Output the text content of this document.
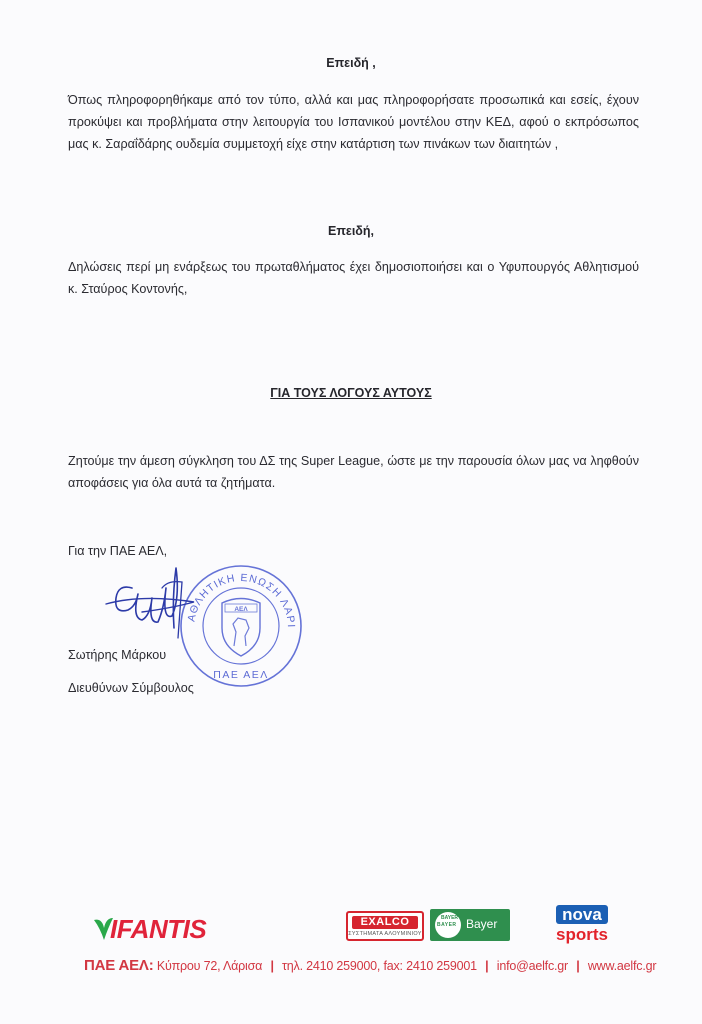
Επειδή ,
Όπως πληροφορηθήκαμε από τον τύπο, αλλά και μας πληροφορήσατε προσωπικά και εσείς, έχουν προκύψει και προβλήματα στην λειτουργία του Ισπανικού μοντέλου στην ΚΕΔ, αφού ο εκπρόσωπος μας κ. Σαραΐδάρης ουδεμία συμμετοχή είχε στην κατάρτιση των πινάκων των διαιτητών ,
Επειδή,
Δηλώσεις περί μη ενάρξεως του πρωταθλήματος έχει δημοσιοποιήσει και ο Υφυπουργός Αθλητισμού κ. Σταύρος Κοντονής,
ΓΙΑ ΤΟΥΣ ΛΟΓΟΥΣ ΑΥΤΟΥΣ
Ζητούμε την άμεση σύγκληση του ΔΣ της Super League, ώστε με την παρουσία όλων μας να ληφθούν αποφάσεις για όλα αυτά τα ζητήματα.
Για την ΠΑΕ ΑΕΛ,
ΑΘΛΗΤΙΚΗ ΕΝΩΣΗ ΛΑΡΙ
ΠΑΕ ΑΕΛ
ΑΕΛ
Σωτήρης Μάρκου
Διευθύνων Σύμβουλος
IFANTIS	EXALCO
ΣΥΣΤΗΜΑΤΑ ΑΛΟΥΜΙΝΙΟΥ
BAYER
BAYER Bayer	nova
sports
ΠΑΕ ΑΕΛ: Κύπρου 72, Λάρισα | τηλ. 2410 259000, fax: 2410 259001 | info@aelfc.gr | www.aelfc.gr
